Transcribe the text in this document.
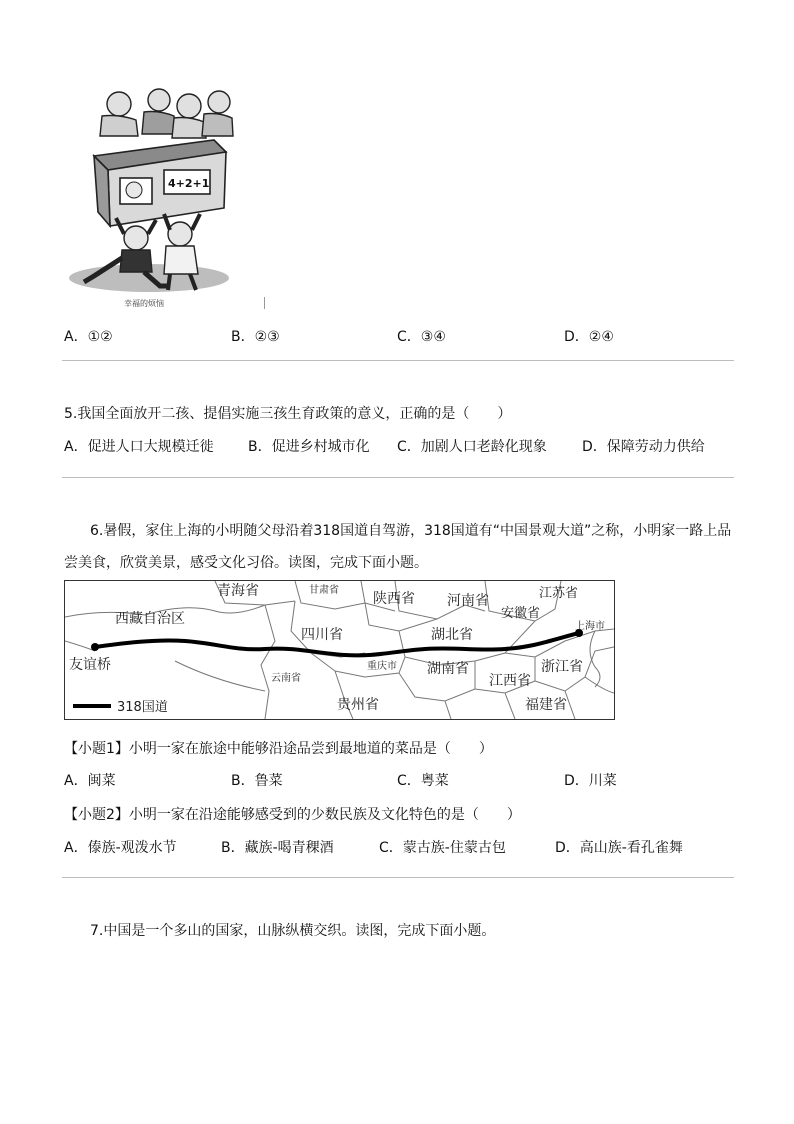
4+2+1
幸福的烦恼
A．①②	B．②③	C．③④	D．②④
5.我国全面放开二孩、提倡实施三孩生育政策的意义，正确的是（　　）
A．促进人口大规模迁徙 B．促进乡村城市化 C．加剧人口老龄化现象	D．保障劳动力供给
6.暑假，家住上海的小明随父母沿着318国道自驾游，318国道有“中国景观大道”之称，小明家一路上品
尝美食，欣赏美景，感受文化习俗。读图，完成下面小题。
青海省	甘肃省
陕西省 河南省	江苏省
西藏自治区	安徽省
上海市
四川省	湖北省
友谊桥	重庆市	浙江省
云南省
湖南省
江西省
贵州省	福建省
318国道
【小题1】小明一家在旅途中能够沿途品尝到最地道的菜品是（　　）
A．闽菜	B．鲁菜	C．粤菜	D．川菜
【小题2】小明一家在沿途能够感受到的少数民族及文化特色的是（　　）
A．傣族-观泼水节	B．藏族-喝青稞酒	C．蒙古族-住蒙古包	D．高山族-看孔雀舞
7.中国是一个多山的国家，山脉纵横交织。读图，完成下面小题。
